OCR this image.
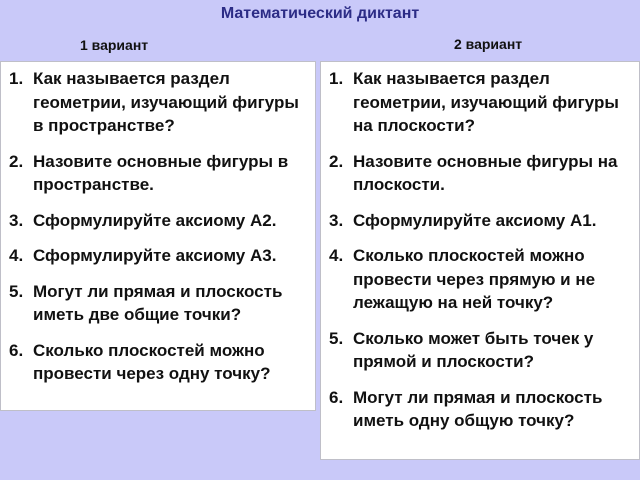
Математический диктант
1 вариант	2 вариант
1. Как называется раздел геометрии, изучающий фигуры в пространстве?
2. Назовите основные фигуры в пространстве.
3. Сформулируйте аксиому А2.
4. Сформулируйте аксиому А3.
5. Могут ли прямая и плоскость иметь две общие точки?
6. Сколько плоскостей можно провести через одну точку?
1. Как называется раздел геометрии, изучающий фигуры на плоскости?
2. Назовите основные фигуры на плоскости.
3. Сформулируйте аксиому А1.
4. Сколько плоскостей можно провести через прямую и не лежащую на ней точку?
5. Сколько может быть точек у прямой и плоскости?
6. Могут ли прямая и плоскость иметь одну общую точку?
